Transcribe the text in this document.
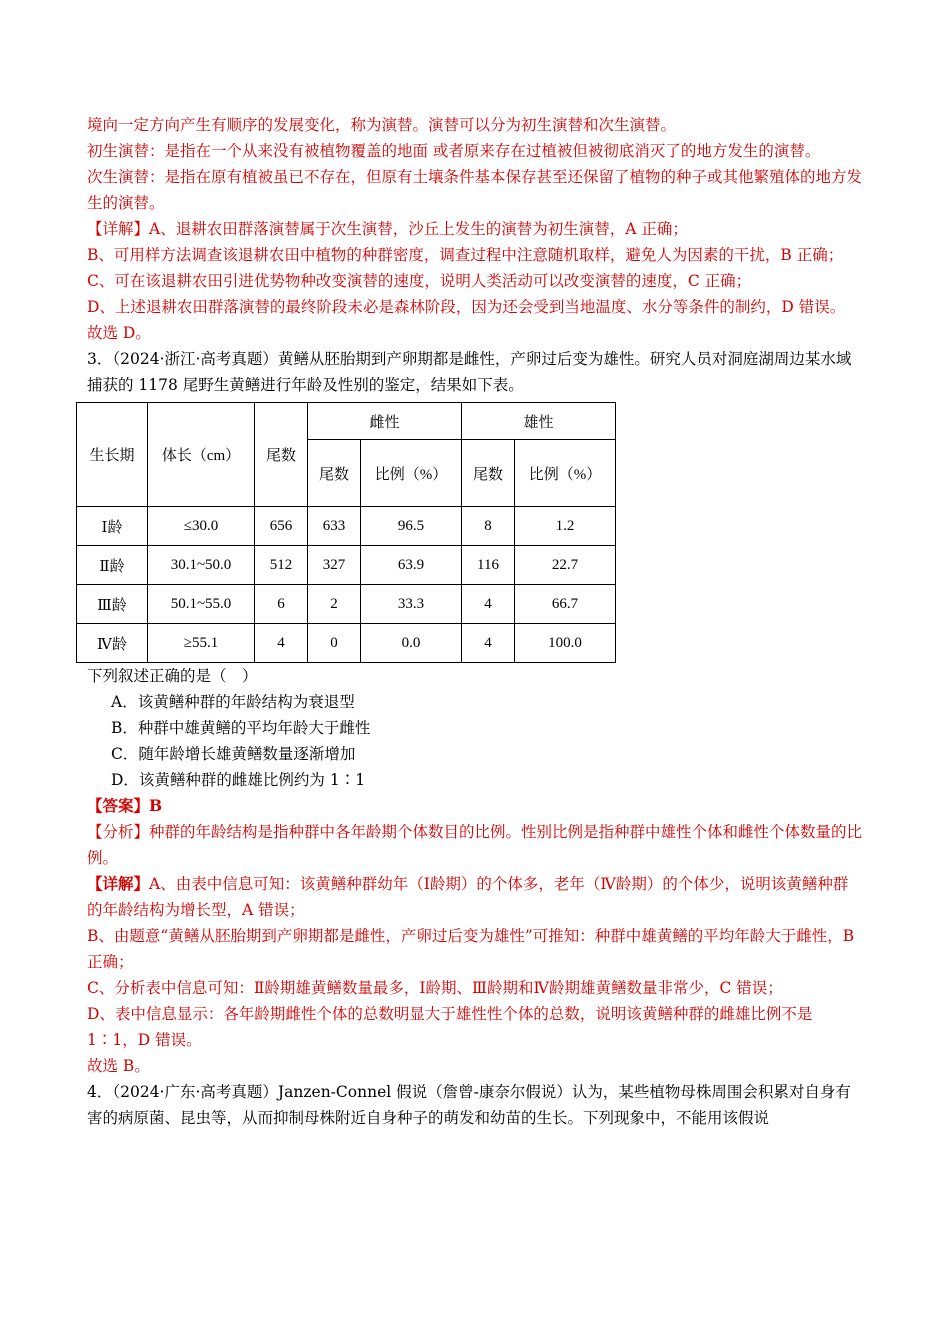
境向一定方向产生有顺序的发展变化，称为演替。演替可以分为初生演替和次生演替。

初生演替：是指在一个从来没有被植物覆盖的地面 或者原来存在过植被但被彻底消灭了的地方发生的演替。

次生演替：是指在原有植被虽已不存在，但原有土壤条件基本保存甚至还保留了植物的种子或其他繁殖体的地方发生的演替。

【详解】A、退耕农田群落演替属于次生演替，沙丘上发生的演替为初生演替，A 正确；

B、可用样方法调查该退耕农田中植物的种群密度，调查过程中注意随机取样，避免人为因素的干扰，B 正确；

C、可在该退耕农田引进优势物种改变演替的速度，说明人类活动可以改变演替的速度，C 正确；

D、上述退耕农田群落演替的最终阶段未必是森林阶段，因为还会受到当地温度、水分等条件的制约，D 错误。

故选 D。

3．（2024·浙江·高考真题）黄鳝从胚胎期到产卵期都是雌性，产卵过后变为雄性。研究人员对洞庭湖周边某水域捕获的 1178 尾野生黄鳝进行年龄及性别的鉴定，结果如下表。

生长期	体长（cm）	尾数	雌性		雄性	
			尾数	比例（%）	尾数	比例（%）
Ⅰ龄	≤30.0	656	633	96.5	8	1.2
Ⅱ龄	30.1~50.0	512	327	63.9	116	22.7
Ⅲ龄	50.1~55.0	6	2	33.3	4	66.7
Ⅳ龄	≥55.1	4	0	0.0	4	100.0

下列叙述正确的是（　）

A．该黄鳝种群的年龄结构为衰退型

B．种群中雄黄鳝的平均年龄大于雌性

C．随年龄增长雄黄鳝数量逐渐增加

D．该黄鳝种群的雌雄比例约为 1∶1

【答案】B

【分析】种群的年龄结构是指种群中各年龄期个体数目的比例。性别比例是指种群中雄性个体和雌性个体数量的比例。

【详解】A、由表中信息可知：该黄鳝种群幼年（Ⅰ龄期）的个体多，老年（Ⅳ龄期）的个体少，说明该黄鳝种群的年龄结构为增长型，A 错误；

B、由题意“黄鳝从胚胎期到产卵期都是雌性，产卵过后变为雄性”可推知：种群中雄黄鳝的平均年龄大于雌性，B 正确；

C、分析表中信息可知：Ⅱ龄期雄黄鳝数量最多，Ⅰ龄期、Ⅲ龄期和Ⅳ龄期雄黄鳝数量非常少，C 错误；

D、表中信息显示：各年龄期雌性个体的总数明显大于雄性性个体的总数，说明该黄鳝种群的雌雄比例不是 1∶1，D 错误。

故选 B。

4．（2024·广东·高考真题）Janzen-Connel 假说（詹曾-康奈尔假说）认为，某些植物母株周围会积累对自身有害的病原菌、昆虫等，从而抑制母株附近自身种子的萌发和幼苗的生长。下列现象中，不能用该假说
